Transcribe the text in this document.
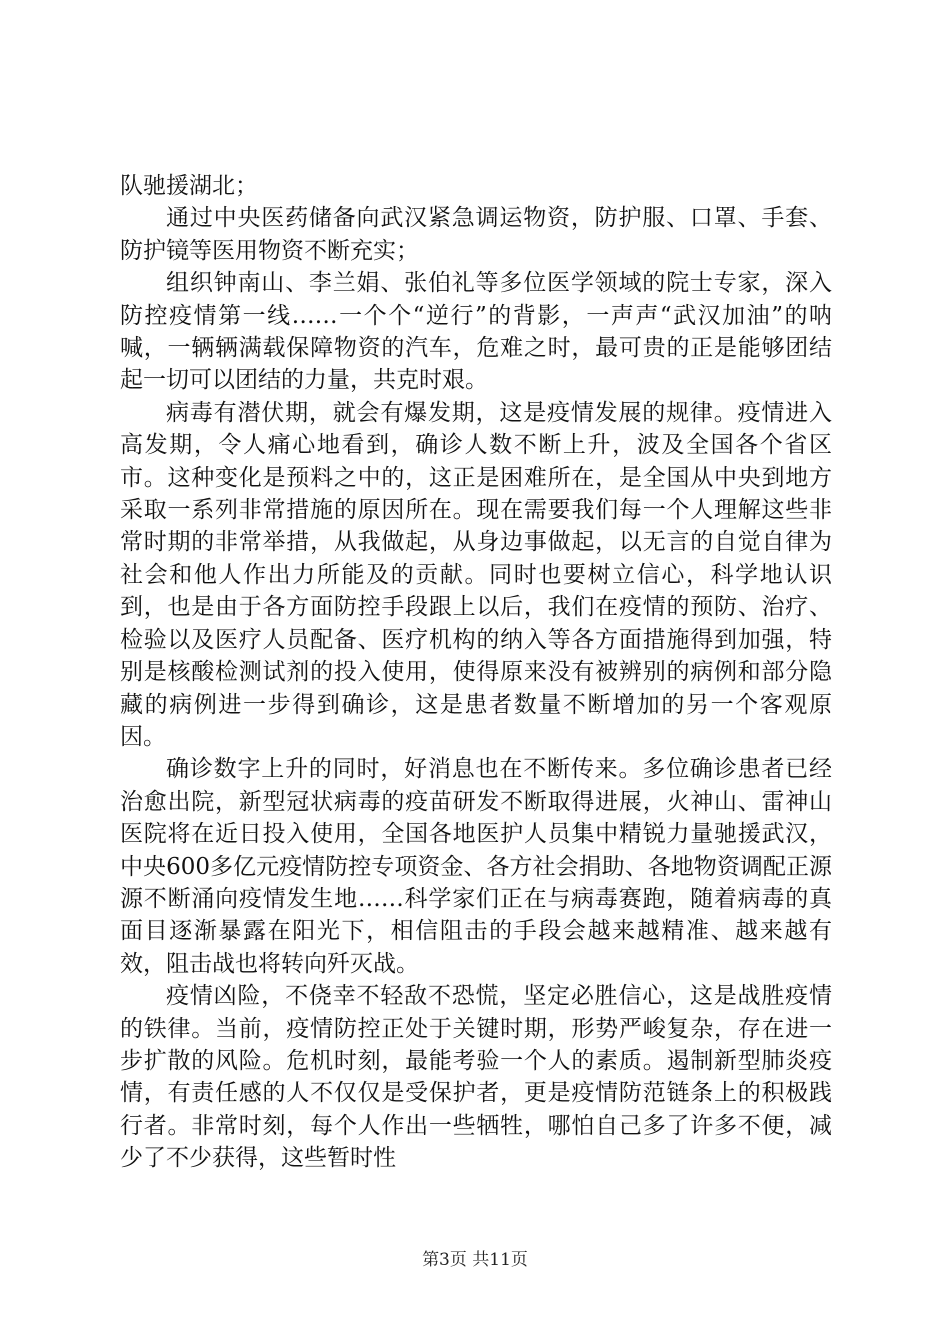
队驰援湖北；

通过中央医药储备向武汉紧急调运物资，防护服、口罩、手套、防护镜等医用物资不断充实；

组织钟南山、李兰娟、张伯礼等多位医学领域的院士专家，深入防控疫情第一线……一个个“逆行”的背影，一声声“武汉加油”的呐喊，一辆辆满载保障物资的汽车，危难之时，最可贵的正是能够团结起一切可以团结的力量，共克时艰。

病毒有潜伏期，就会有爆发期，这是疫情发展的规律。疫情进入高发期，令人痛心地看到，确诊人数不断上升，波及全国各个省区市。这种变化是预料之中的，这正是困难所在，是全国从中央到地方采取一系列非常措施的原因所在。现在需要我们每一个人理解这些非常时期的非常举措，从我做起，从身边事做起，以无言的自觉自律为社会和他人作出力所能及的贡献。同时也要树立信心，科学地认识到，也是由于各方面防控手段跟上以后，我们在疫情的预防、治疗、检验以及医疗人员配备、医疗机构的纳入等各方面措施得到加强，特别是核酸检测试剂的投入使用，使得原来没有被辨别的病例和部分隐藏的病例进一步得到确诊，这是患者数量不断增加的另一个客观原因。

确诊数字上升的同时，好消息也在不断传来。多位确诊患者已经治愈出院，新型冠状病毒的疫苗研发不断取得进展，火神山、雷神山医院将在近日投入使用，全国各地医护人员集中精锐力量驰援武汉，中央600多亿元疫情防控专项资金、各方社会捐助、各地物资调配正源源不断涌向疫情发生地……科学家们正在与病毒赛跑，随着病毒的真面目逐渐暴露在阳光下，相信阻击的手段会越来越精准、越来越有效，阻击战也将转向歼灭战。

疫情凶险，不侥幸不轻敌不恐慌，坚定必胜信心，这是战胜疫情的铁律。当前，疫情防控正处于关键时期，形势严峻复杂，存在进一步扩散的风险。危机时刻，最能考验一个人的素质。遏制新型肺炎疫情，有责任感的人不仅仅是受保护者，更是疫情防范链条上的积极践行者。非常时刻，每个人作出一些牺牲，哪怕自己多了许多不便，减少了不少获得，这些暂时性

第3页 共11页
